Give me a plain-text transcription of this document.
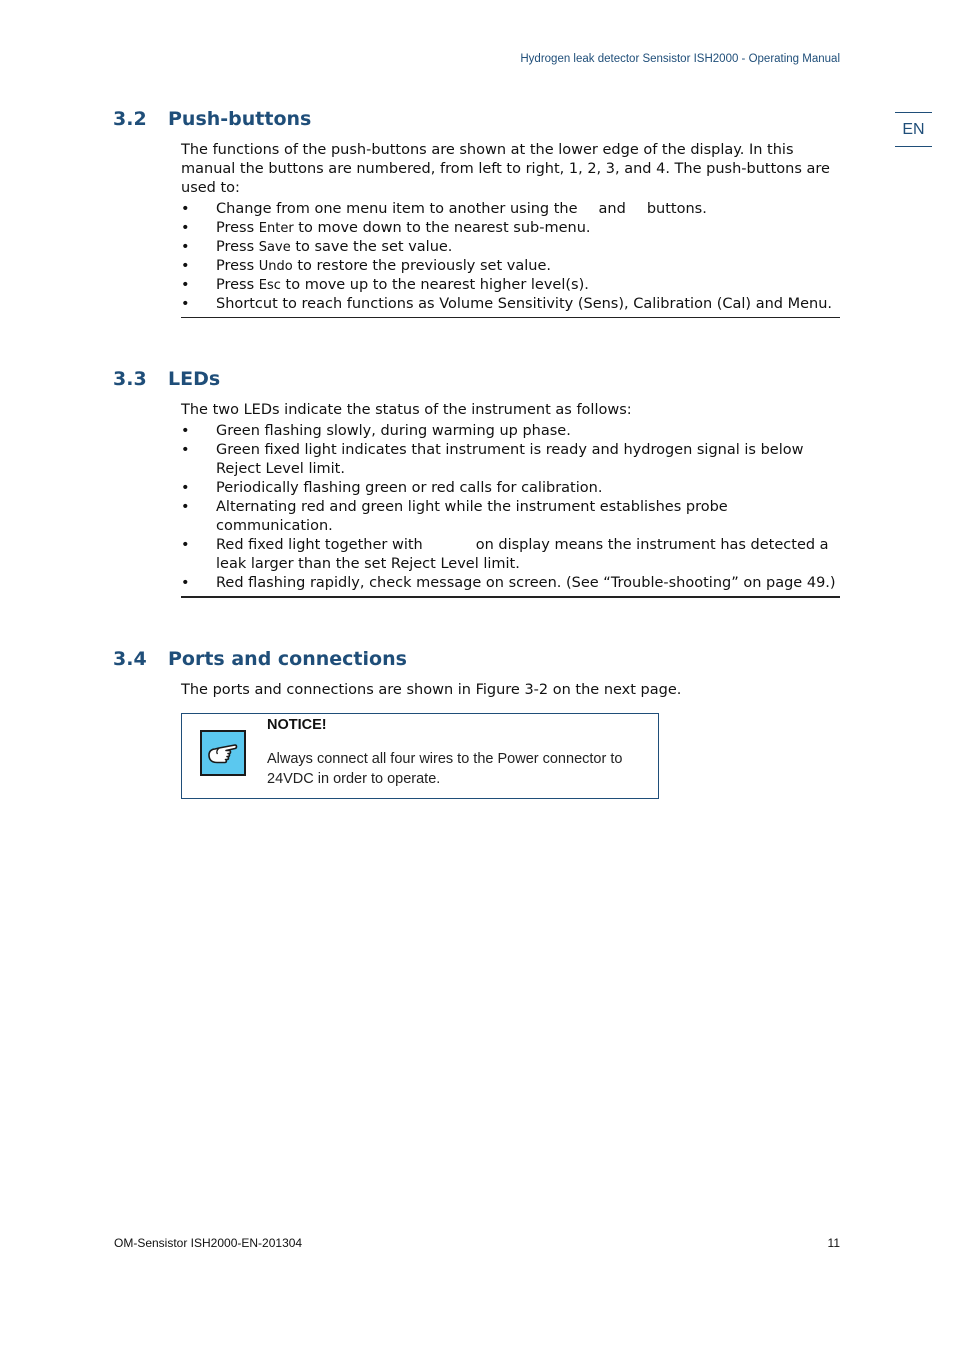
Hydrogen leak detector Sensistor ISH2000 - Operating Manual
EN
3.2 Push-buttons

The functions of the push-buttons are shown at the lower edge of the display. In this manual the buttons are numbered, from left to right, 1, 2, 3, and 4. The push-buttons are used to:

• Change from one menu item to another using the and buttons.
• Press Enter to move down to the nearest sub-menu.
• Press Save to save the set value.
• Press Undo to restore the previously set value.
• Press Esc to move up to the nearest higher level(s).
• Shortcut to reach functions as Volume Sensitivity (Sens), Calibration (Cal) and Menu.
3.3 LEDs

The two LEDs indicate the status of the instrument as follows:

• Green flashing slowly, during warming up phase.
• Green fixed light indicates that instrument is ready and hydrogen signal is below Reject Level limit.
• Periodically flashing green or red calls for calibration.
• Alternating red and green light while the instrument establishes probe communication.
• Red fixed light together with	on display means the instrument has detected a leak larger than the set Reject Level limit.
• Red flashing rapidly, check message on screen. (See “Trouble-shooting” on page 49.)
3.4 Ports and connections

The ports and connections are shown in Figure 3-2 on the next page.

NOTICE!
Always connect all four wires to the Power connector to 24VDC in order to operate.
OM-Sensistor ISH2000-EN-201304	11
